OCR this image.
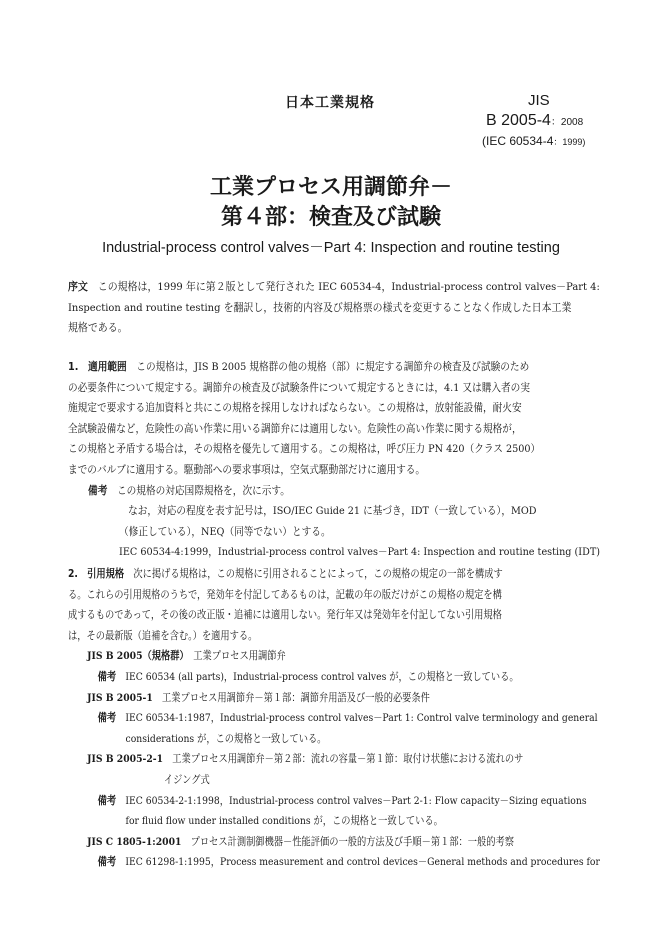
日本工業規格	JIS
B 2005-4：2008
(IEC 60534-4：1999)
工業プロセス用調節弁－
第４部：検査及び試験
Industrial-process control valves－Part 4: Inspection and routine testing
序文　 この規格は，1999 年に第２版として発行された IEC 60534-4，Industrial-process control valves－Part 4:
Inspection and routine testing を翻訳し，技術的内容及び規格票の様式を変更することなく作成した日本工業
規格である。
1.　 適用範囲　 この規格は，JIS B 2005 規格群の他の規格（部）に規定する調節弁の検査及び試験のため
の必要条件について規定する。調節弁の検査及び試験条件について規定するときには，4.1 又は購入者の実
施規定で要求する追加資料と共にこの規格を採用しなければならない。この規格は，放射能設備，耐火安
全試験設備など，危険性の高い作業に用いる調節弁には適用しない。危険性の高い作業に関する規格が，
この規格と矛盾する場合は，その規格を優先して適用する。この規格は，呼び圧力 PN 420（クラス 2500）
までのバルブに適用する。駆動部への要求事項は，空気式駆動部だけに適用する。
備考　 この規格の対応国際規格を，次に示す。
なお，対応の程度を表す記号は，ISO/IEC Guide 21 に基づき，IDT（一致している），MOD
（修正している），NEQ（同等でない）とする。
IEC 60534-4:1999，Industrial-process control valves－Part 4: Inspection and routine testing (IDT)
2.　 引用規格　 次に掲げる規格は，この規格に引用されることによって，この規格の規定の一部を構成す
る。これらの引用規格のうちで，発効年を付記してあるものは，記載の年の版だけがこの規格の規定を構
成するものであって，その後の改正版・追補には適用しない。発行年又は発効年を付記してない引用規格
は，その最新版（追補を含む。）を適用する。
JIS B 2005（規格群）　 工業プロセス用調節弁
備考　 IEC 60534 (all parts)，Industrial-process control valves が，この規格と一致している。
JIS B 2005-1　 工業プロセス用調節弁－第１部：調節弁用語及び一般的必要条件
備考　 IEC 60534-1:1987，Industrial-process control valves－Part 1: Control valve terminology and general
considerations が，この規格と一致している。
JIS B 2005-2-1　 工業プロセス用調節弁－第２部：流れの容量－第１節：取付け状態における流れのサ
イジング式
備考　 IEC 60534-2-1:1998，Industrial-process control valves－Part 2-1: Flow capacity－Sizing equations
for fluid flow under installed conditions が，この規格と一致している。
JIS C 1805-1:2001　 プロセス計測制御機器－性能評価の一般的方法及び手順－第１部：一般的考察
備考　 IEC 61298-1:1995，Process measurement and control devices－General methods and procedures for
